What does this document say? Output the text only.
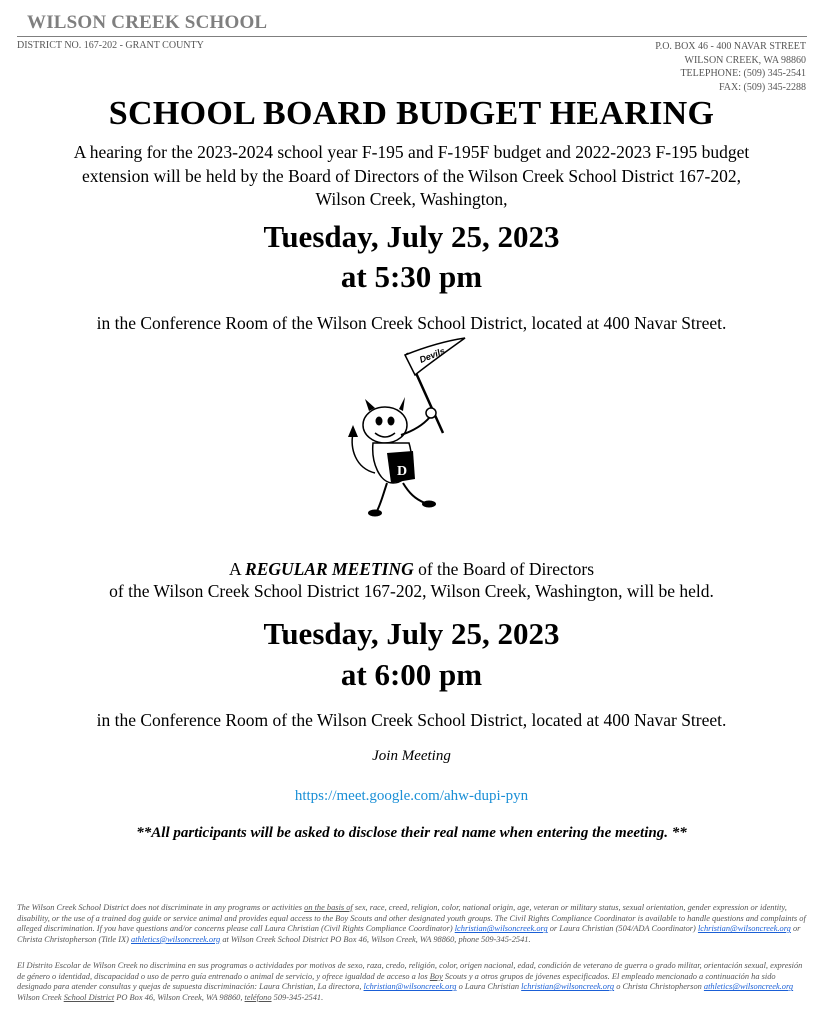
WILSON CREEK SCHOOL
DISTRICT NO. 167-202 - GRANT COUNTY	P.O. BOX 46 - 400 NAVAR STREET
WILSON CREEK, WA 98860
TELEPHONE: (509) 345-2541
FAX: (509) 345-2288
SCHOOL BOARD BUDGET HEARING
A hearing for the 2023-2024 school year F-195 and F-195F budget and 2022-2023 F-195 budget
extension will be held by the Board of Directors of the Wilson Creek School District 167-202,
Wilson Creek, Washington,
Tuesday, July 25, 2023
at 5:30 pm
in the Conference Room of the Wilson Creek School District, located at 400 Navar Street.
Devils
D
A REGULAR MEETING of the Board of Directors
of the Wilson Creek School District 167-202, Wilson Creek, Washington, will be held.
Tuesday, July 25, 2023
at 6:00 pm
in the Conference Room of the Wilson Creek School District, located at 400 Navar Street.
Join Meeting
https://meet.google.com/ahw-dupi-pyn
**All participants will be asked to disclose their real name when entering the meeting. **
The Wilson Creek School District does not discriminate in any programs or activities on the basis of sex, race, creed, religion, color, national origin, age, veteran or military status, sexual orientation, gender expression or identity, disability, or the use of a trained dog guide or service animal and provides equal access to the Boy Scouts and other designated youth groups. The Civil Rights Compliance Coordinator is available to handle questions and complaints of alleged discrimination. If you have questions and/or concerns please call Laura Christian (Civil Rights Compliance Coordinator) lchristian@wilsoncreek.org or Laura Christian (504/ADA Coordinator) lchristian@wilsoncreek.org or Christa Christopherson (Title IX) athletics@wilsoncreek.org at Wilson Creek School District PO Box 46, Wilson Creek, WA 98860, phone 509-345-2541.
El Distrito Escolar de Wilson Creek no discrimina en sus programas o actividades por motivos de sexo, raza, credo, religión, color, origen nacional, edad, condición de veterano de guerra o grado militar, orientación sexual, expresión de género o identidad, discapacidad o uso de perro guía entrenado o animal de servicio, y ofrece igualdad de acceso a los Boy Scouts y a otros grupos de jóvenes especificados. El empleado mencionado a continuación ha sido designado para atender consultas y quejas de supuesta discriminación: Laura Christian, La directora, lchristian@wilsoncreek.org o Laura Christian lchristian@wilsoncreek.org o Christa Christopherson athletics@wilsoncreek.org Wilson Creek School District PO Box 46, Wilson Creek, WA 98860, teléfono 509-345-2541.
